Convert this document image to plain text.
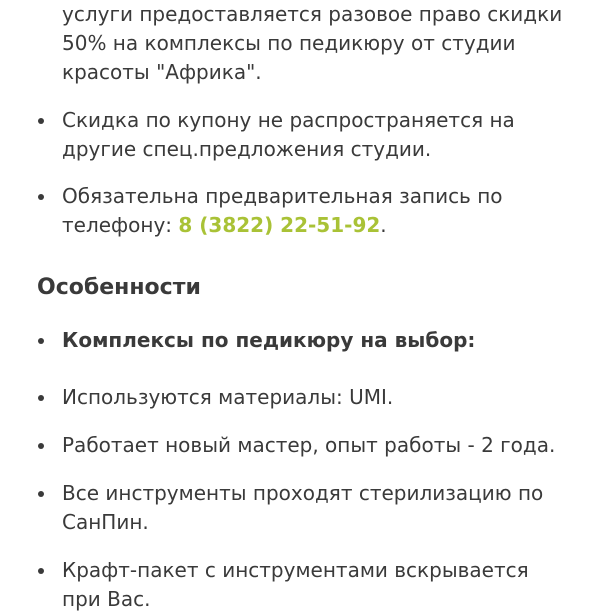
услуги предоставляется разовое право скидки 50% на комплексы по педикюру от студии красоты "Африка".
Скидка по купону не распространяется на другие спец.предложения студии.
Обязательна предварительная запись по телефону: 8 (3822) 22-51-92.
Особенности
Комплексы по педикюру на выбор:
Используются материалы: UMI.
Работает новый мастер, опыт работы - 2 года.
Все инструменты проходят стерилизацию по СанПин.
Крафт-пакет с инструментами вскрывается при Вас.
